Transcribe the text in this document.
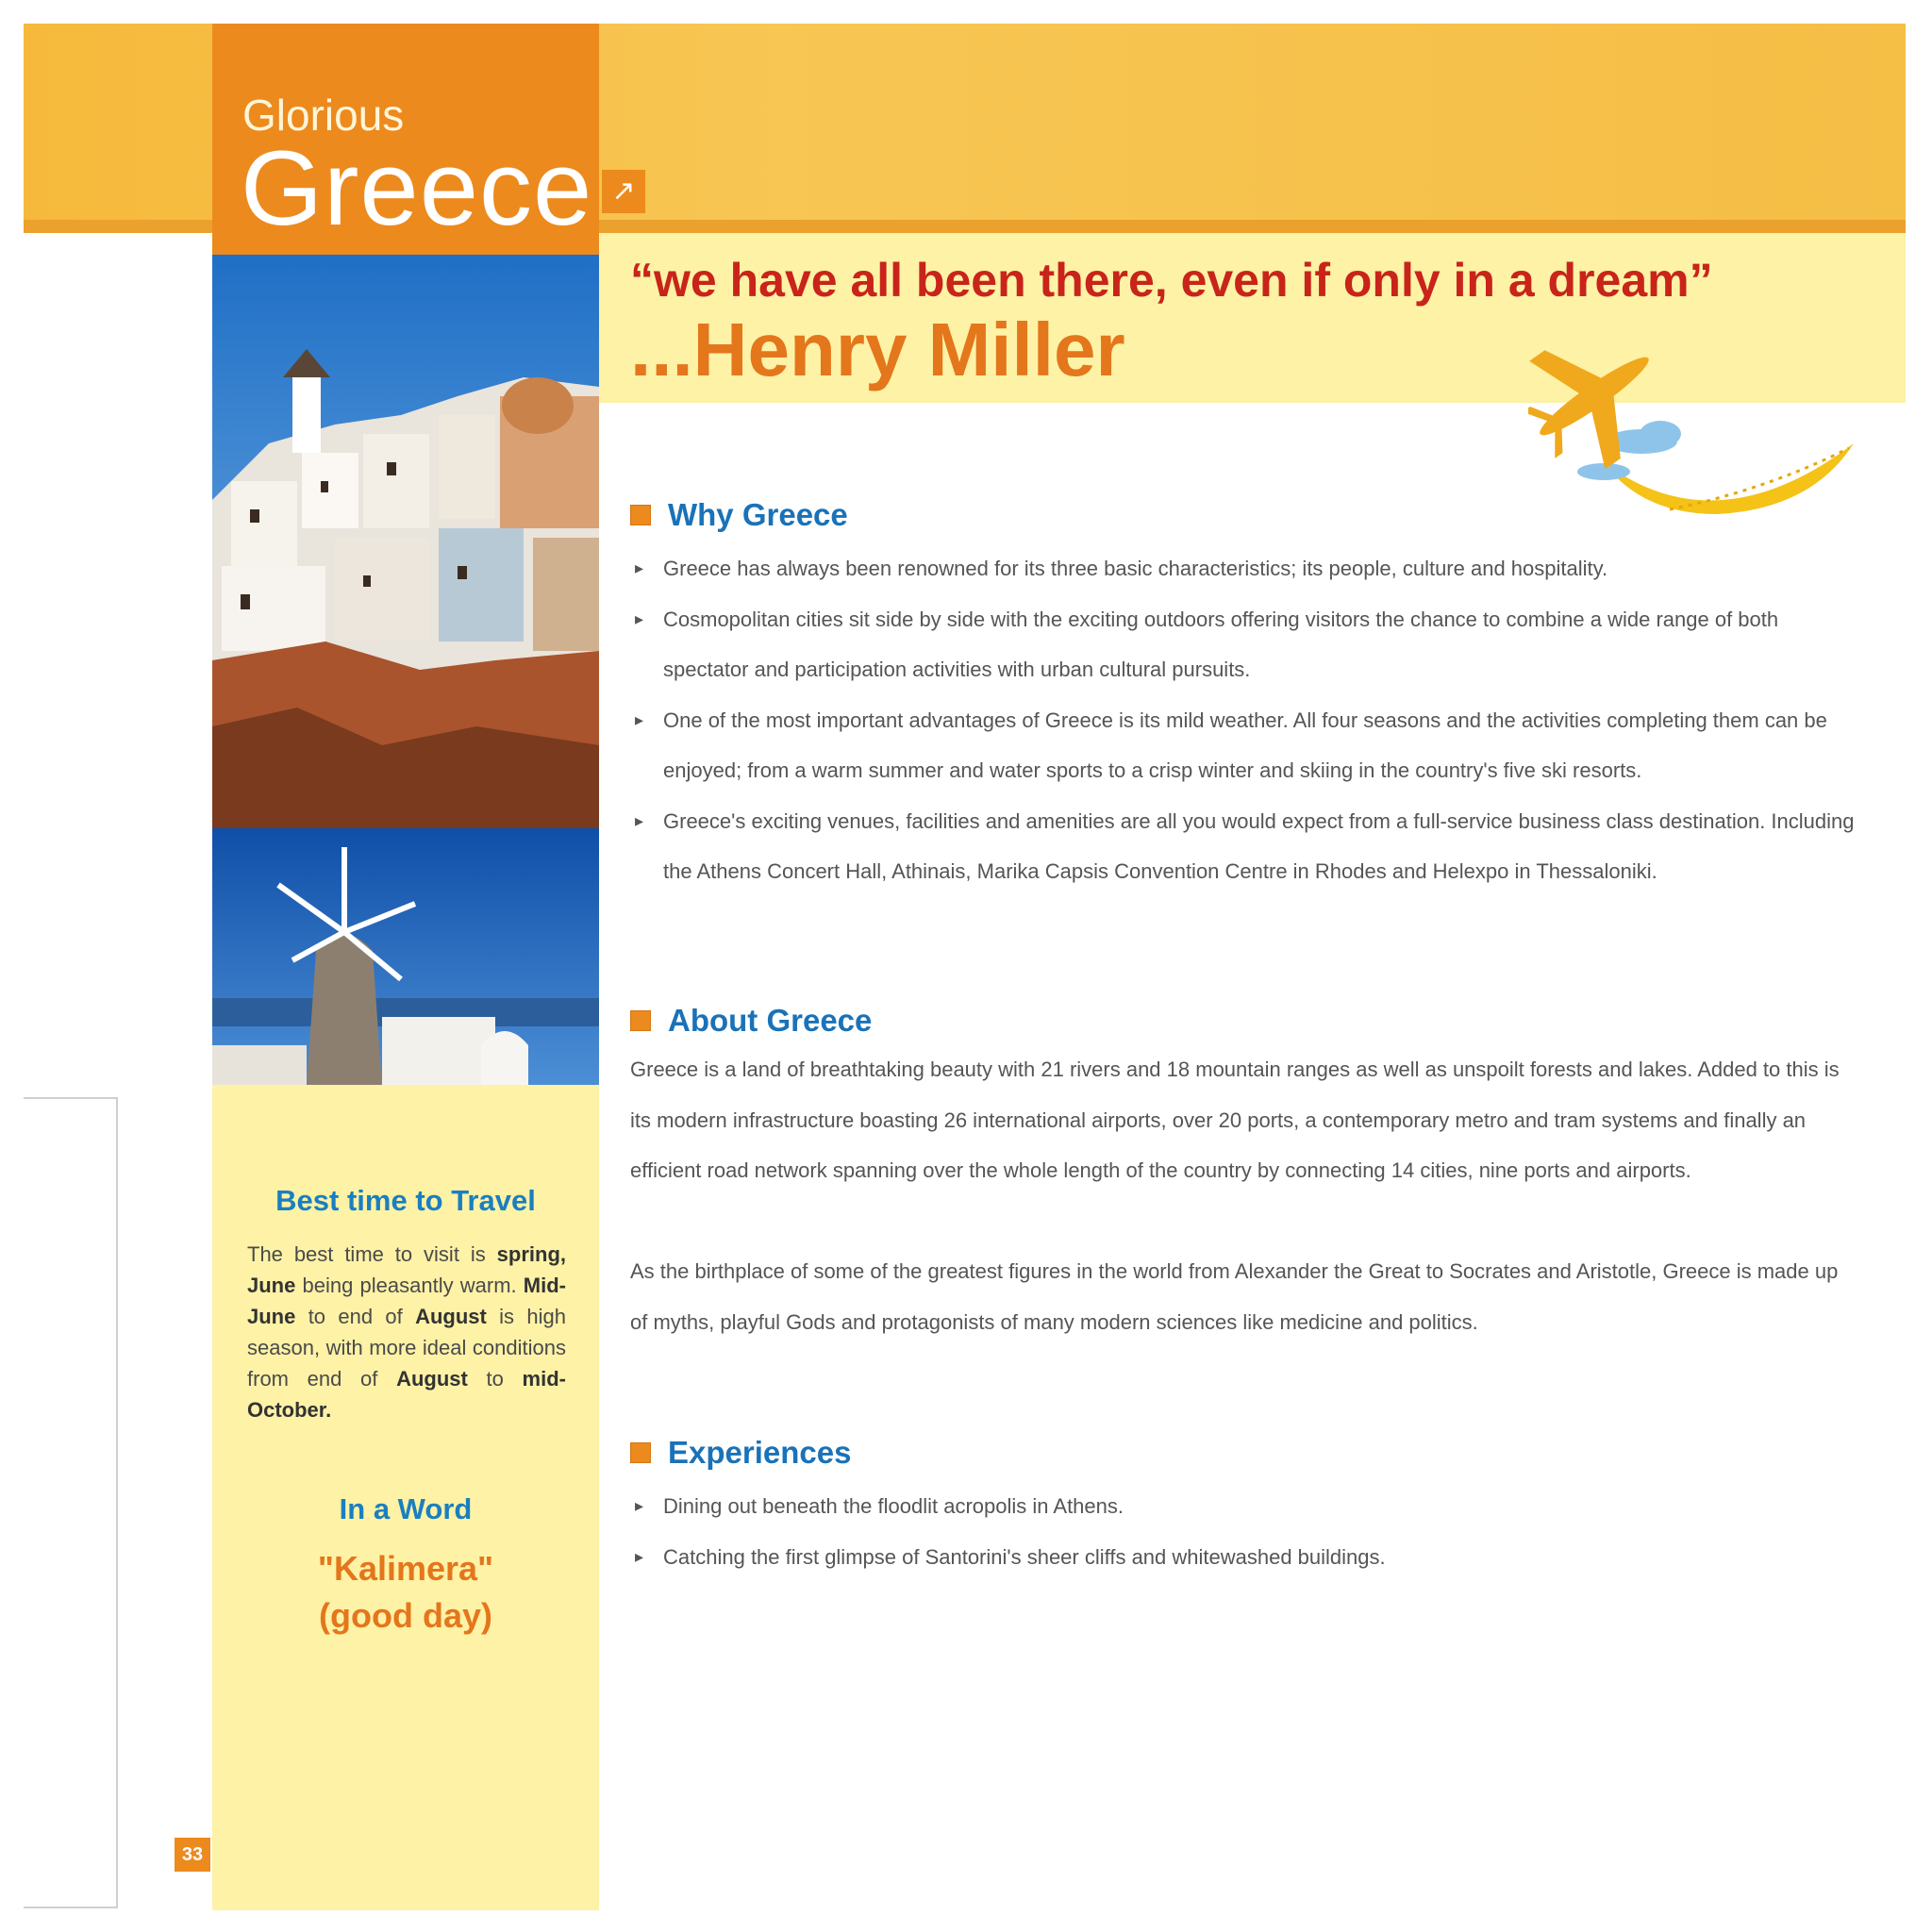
Glorious
Greece ↗
“we have all been there, even if only in a dream”
...Henry Miller
Best time to Travel
The best time to visit is spring, June being pleasantly warm. Mid-June to end of August is high season, with more ideal conditions from end of August to mid-October.
In a Word
"Kalimera"
(good day)
33
Why Greece
▸ Greece has always been renowned for its three basic characteristics; its people, culture and hospitality.
▸ Cosmopolitan cities sit side by side with the exciting outdoors offering visitors the chance to combine a wide range of both spectator and participation activities with urban cultural pursuits.
▸ One of the most important advantages of Greece is its mild weather. All four seasons and the activities completing them can be enjoyed; from a warm summer and water sports to a crisp winter and skiing in the country's five ski resorts.
▸ Greece's exciting venues, facilities and amenities are all you would expect from a full-service business class destination. Including the Athens Concert Hall, Athinais, Marika Capsis Convention Centre in Rhodes and Helexpo in Thessaloniki.
About Greece
Greece is a land of breathtaking beauty with 21 rivers and 18 mountain ranges as well as unspoilt forests and lakes. Added to this is its modern infrastructure boasting 26 international airports, over 20 ports, a contemporary metro and tram systems and finally an efficient road network spanning over the whole length of the country by connecting 14 cities, nine ports and airports.
As the birthplace of some of the greatest figures in the world from Alexander the Great to Socrates and Aristotle, Greece is made up of myths, playful Gods and protagonists of many modern sciences like medicine and politics.
Experiences
▸ Dining out beneath the floodlit acropolis in Athens.
▸ Catching the first glimpse of Santorini's sheer cliffs and whitewashed buildings.
